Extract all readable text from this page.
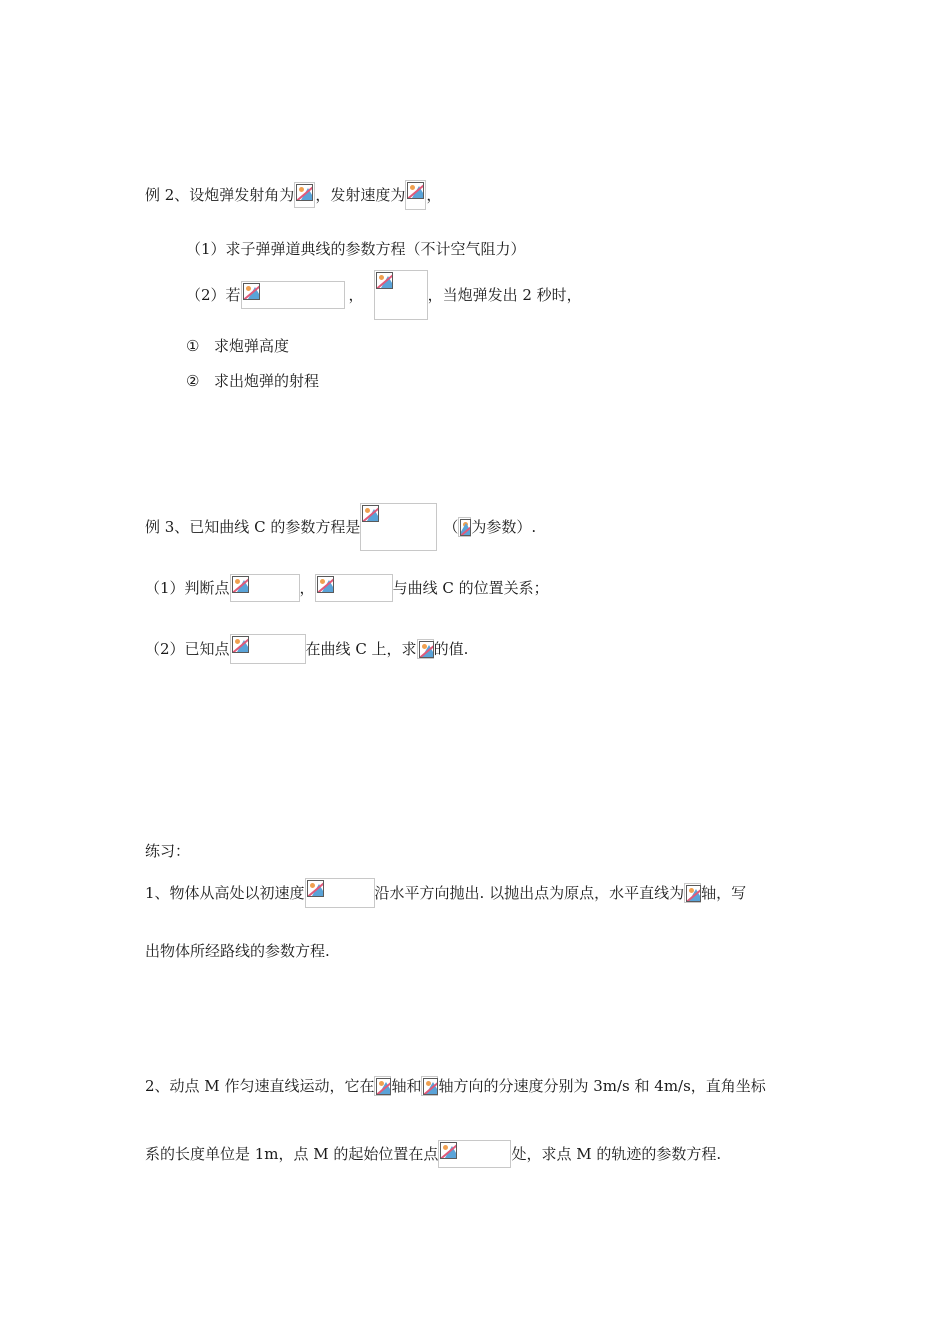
例 2、设炮弹发射角为 ，发射速度为 ，
（1）求子弹弹道典线的参数方程（不计空气阻力）
（2）若	，	，当炮弹发出 2 秒时，
① 求炮弹高度
② 求出炮弹的射程
例 3、已知曲线 C 的参数方程是	（ 为参数）.
（1）判断点	，	与曲线 C 的位置关系；
（2）已知点	在曲线 C 上，求 的值.
练习：
1、物体从高处以初速度	沿水平方向抛出. 以抛出点为原点，水平直线为 轴，写
出物体所经路线的参数方程.
2、动点 M 作匀速直线运动，它在 轴和 轴方向的分速度分别为 3m/s 和 4m/s，直角坐标
系的长度单位是 1m，点 M 的起始位置在点	处，求点 M 的轨迹的参数方程.
